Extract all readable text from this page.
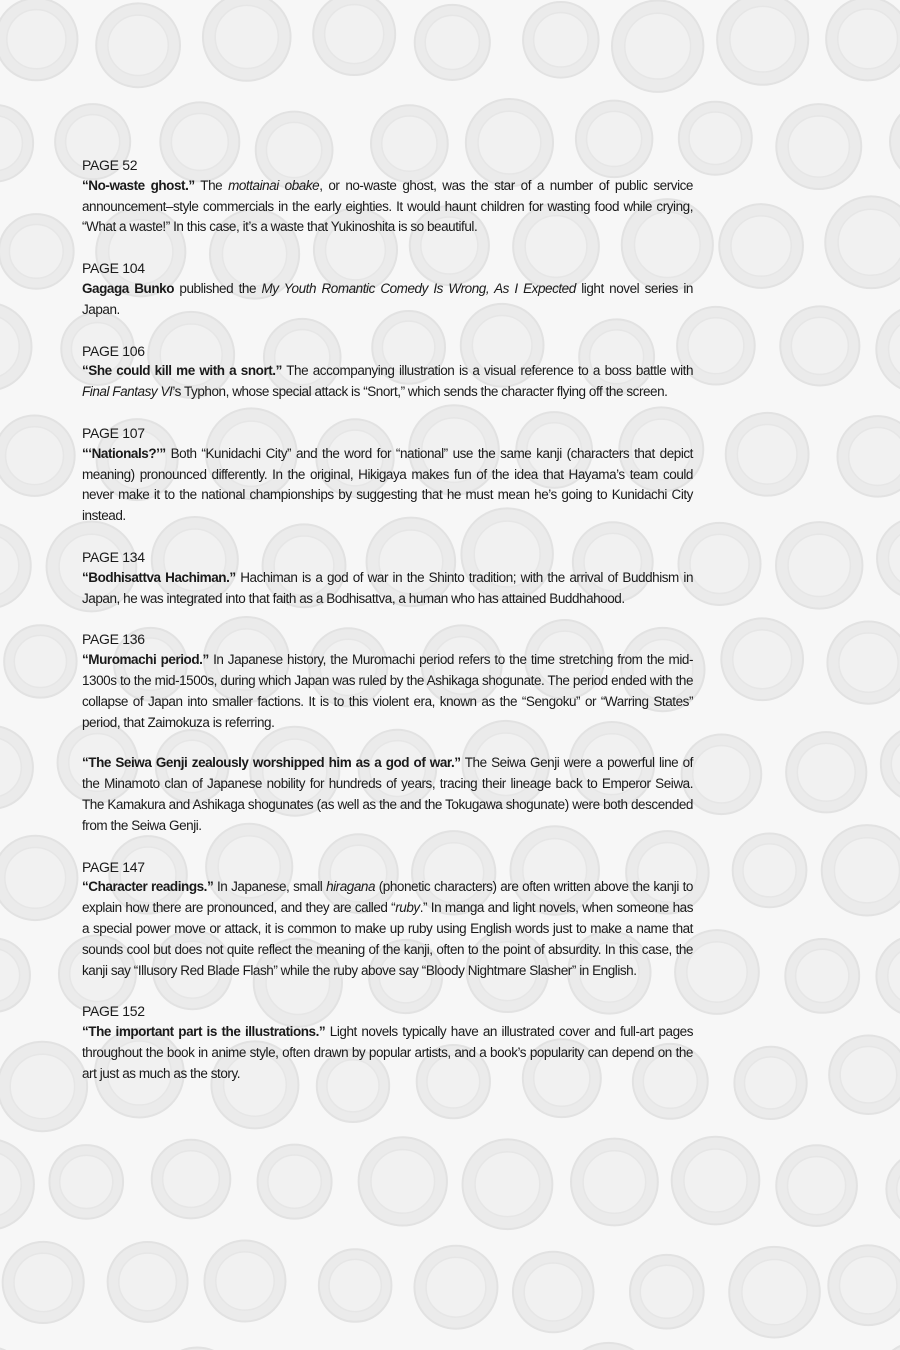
PAGE 52

“No-waste ghost.” The mottainai obake, or no-waste ghost, was the star of a number of public service announcement–style commercials in the early eighties. It would haunt children for wasting food while crying, “What a waste!” In this case, it’s a waste that Yukinoshita is so beautiful.

PAGE 104

Gagaga Bunko published the My Youth Romantic Comedy Is Wrong, As I Expected light novel series in Japan.

PAGE 106

“She could kill me with a snort.” The accompanying illustration is a visual reference to a boss battle with Final Fantasy VI’s Typhon, whose special attack is “Snort,” which sends the character flying off the screen.

PAGE 107

“‘Nationals?’” Both “Kunidachi City” and the word for “national” use the same kanji (characters that depict meaning) pronounced differently. In the original, Hikigaya makes fun of the idea that Hayama’s team could never make it to the national championships by suggesting that he must mean he’s going to Kunidachi City instead.

PAGE 134

“Bodhisattva Hachiman.” Hachiman is a god of war in the Shinto tradition; with the arrival of Buddhism in Japan, he was integrated into that faith as a Bodhisattva, a human who has attained Buddhahood.

PAGE 136

“Muromachi period.” In Japanese history, the Muromachi period refers to the time stretching from the mid-1300s to the mid-1500s, during which Japan was ruled by the Ashikaga shogunate. The period ended with the collapse of Japan into smaller factions. It is to this violent era, known as the “Sengoku” or “Warring States” period, that Zaimokuza is referring.

“The Seiwa Genji zealously worshipped him as a god of war.” The Seiwa Genji were a powerful line of the Minamoto clan of Japanese nobility for hundreds of years, tracing their lineage back to Emperor Seiwa. The Kamakura and Ashikaga shogunates (as well as the and the Tokugawa shogunate) were both descended from the Seiwa Genji.

PAGE 147

“Character readings.” In Japanese, small hiragana (phonetic characters) are often written above the kanji to explain how there are pronounced, and they are called “ruby.” In manga and light novels, when someone has a special power move or attack, it is common to make up ruby using English words just to make a name that sounds cool but does not quite reflect the meaning of the kanji, often to the point of absurdity. In this case, the kanji say “Illusory Red Blade Flash” while the ruby above say “Bloody Nightmare Slasher” in English.

PAGE 152

“The important part is the illustrations.” Light novels typically have an illustrated cover and full-art pages throughout the book in anime style, often drawn by popular artists, and a book’s popularity can depend on the art just as much as the story.
